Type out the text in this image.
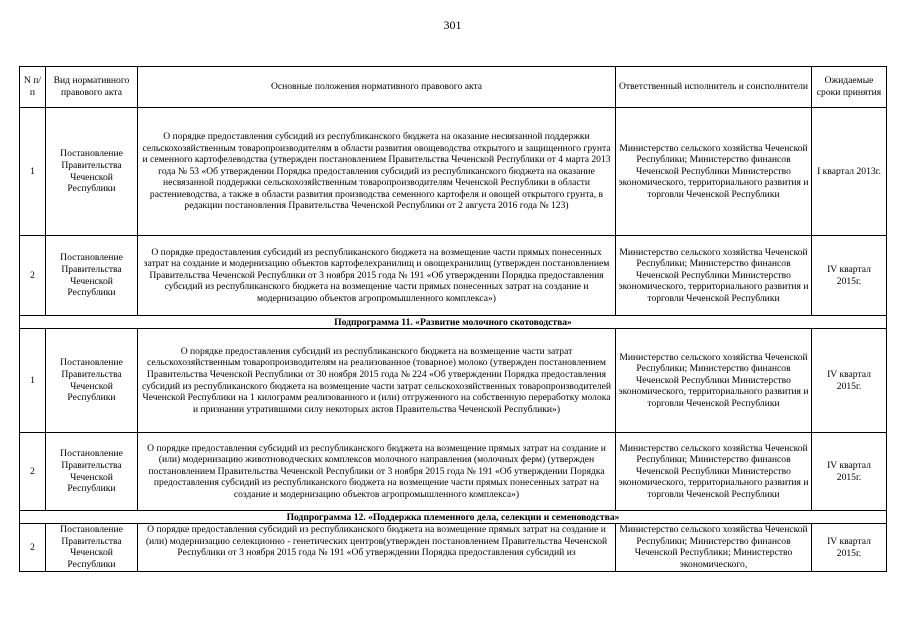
301
N п/п	Вид нормативного правового акта	Основные положения нормативного правового акта	Ответственный исполнитель и соисполнители	Ожидаемые сроки принятия
1	Постановление Правительства Чеченской Республики	О порядке предоставления субсидий из республиканского бюджета на оказание несвязанной поддержки сельскохозяйственным товаропроизводителям в области развития овощеводства открытого и защищенного грунта и семенного картофелеводства (утвержден постановлением Правительства Чеченской Республики от 4 марта 2013 года № 53 «Об утверждении Порядка предоставления субсидий из республиканского бюджета на оказание несвязанной поддержки сельскохозяйственным товаропроизводителям Чеченской Республики в области растениеводства, а также в области развития производства семенного картофеля и овощей открытого грунта, в редакции постановления Правительства Чеченской Республики от 2 августа 2016 года № 123)	Министерство сельского хозяйства Чеченской Республики; Министерство финансов Чеченской Республики Министерство экономического, территориального развития и торговли Чеченской Республики	I квартал 2013г.
2	Постановление Правительства Чеченской Республики	О порядке предоставления субсидий из республиканского бюджета на возмещение части прямых понесенных затрат на создание и модернизацию объектов картофелехранилищ и овощехранилищ (утвержден постановлением Правительства Чеченской Республики от 3 ноября 2015 года № 191 «Об утверждении Порядка предоставления субсидий из республиканского бюджета на возмещение части прямых понесенных затрат на создание и модернизацию объектов агропромышленного комплекса»)	Министерство сельского хозяйства Чеченской Республики; Министерство финансов Чеченской Республики Министерство экономического, территориального развития и торговли Чеченской Республики	IV квартал 2015г.
Подпрограмма 11. «Развитие молочного скотоводства»				
1	Постановление Правительства Чеченской Республики	О порядке предоставления субсидий из республиканского бюджета на возмещение части затрат сельскохозяйственным товаропроизводителям на реализованное (товарное) молоко (утвержден постановлением Правительства Чеченской Республики от 30 ноября 2015 года № 224 «Об утверждении Порядка предоставления субсидий из республиканского бюджета на возмещение части затрат сельскохозяйственных товаропроизводителей Чеченской Республики на 1 килограмм реализованного и (или) отгруженного на собственную переработку молока и признании утратившими силу некоторых актов Правительства Чеченской Республики»)	Министерство сельского хозяйства Чеченской Республики; Министерство финансов Чеченской Республики Министерство экономического, территориального развития и торговли Чеченской Республики	IV квартал 2015г.
2	Постановление Правительства Чеченской Республики	О порядке предоставления субсидий из республиканского бюджета на возмещение прямых затрат на создание и (или) модернизацию животноводческих комплексов молочного направления (молочных ферм) (утвержден постановлением Правительства Чеченской Республики от 3 ноября 2015 года № 191 «Об утверждении Порядка предоставления субсидий из республиканского бюджета на возмещение части прямых понесенных затрат на создание и модернизацию объектов агропромышленного комплекса»)	Министерство сельского хозяйства Чеченской Республики; Министерство финансов Чеченской Республики Министерство экономического, территориального развития и торговли Чеченской Республики	IV квартал 2015г.
Подпрограмма 12. «Поддержка племенного дела, селекции и семеноводства»				
2	Постановление Правительства Чеченской Республики	О порядке предоставления субсидий из республиканского бюджета на возмещение прямых затрат на создание и (или) модернизацию селекционно - генетических центров(утвержден постановлением Правительства Чеченской Республики от 3 ноября 2015 года № 191 «Об утверждении Порядка предоставления субсидий из	Министерство сельского хозяйства Чеченской Республики; Министерство финансов Чеченской Республики; Министерство экономического,	IV квартал 2015г.
